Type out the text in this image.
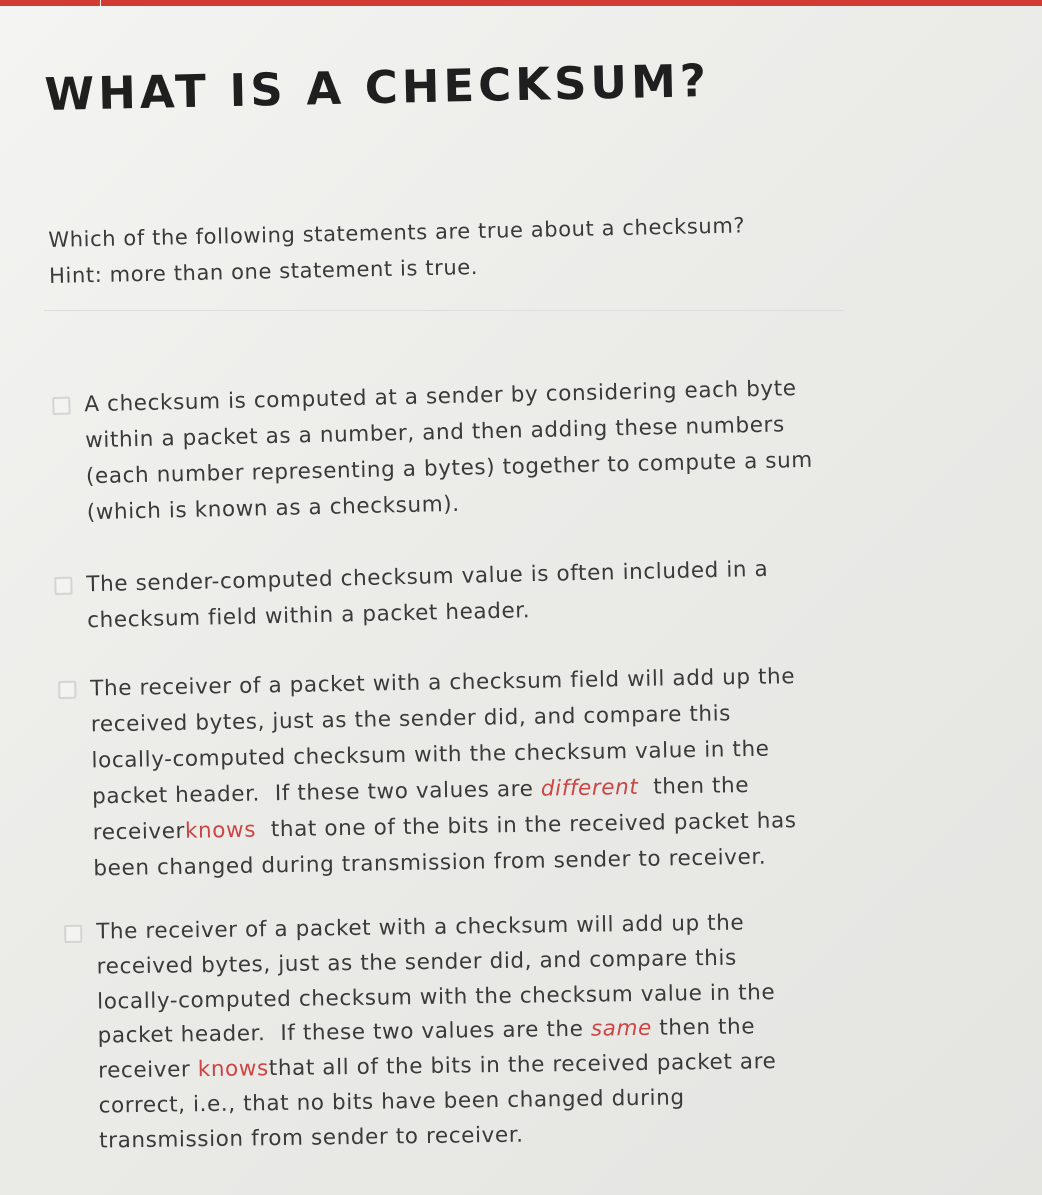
WHAT IS A CHECKSUM?
Which of the following statements are true about a checksum?
Hint: more than one statement is true.
A checksum is computed at a sender by considering each byte
within a packet as a number, and then adding these numbers
(each number representing a bytes) together to compute a sum
(which is known as a checksum).
The sender-computed checksum value is often included in a
checksum field within a packet header.
The receiver of a packet with a checksum field will add up the
received bytes, just as the sender did, and compare this
locally-computed checksum with the checksum value in the
packet header.  If these two values are different  then the
receiverknows  that one of the bits in the received packet has
been changed during transmission from sender to receiver.
The receiver of a packet with a checksum will add up the
received bytes, just as the sender did, and compare this
locally-computed checksum with the checksum value in the
packet header.  If these two values are the same then the
receiver knowsthat all of the bits in the received packet are
correct, i.e., that no bits have been changed during
transmission from sender to receiver.
